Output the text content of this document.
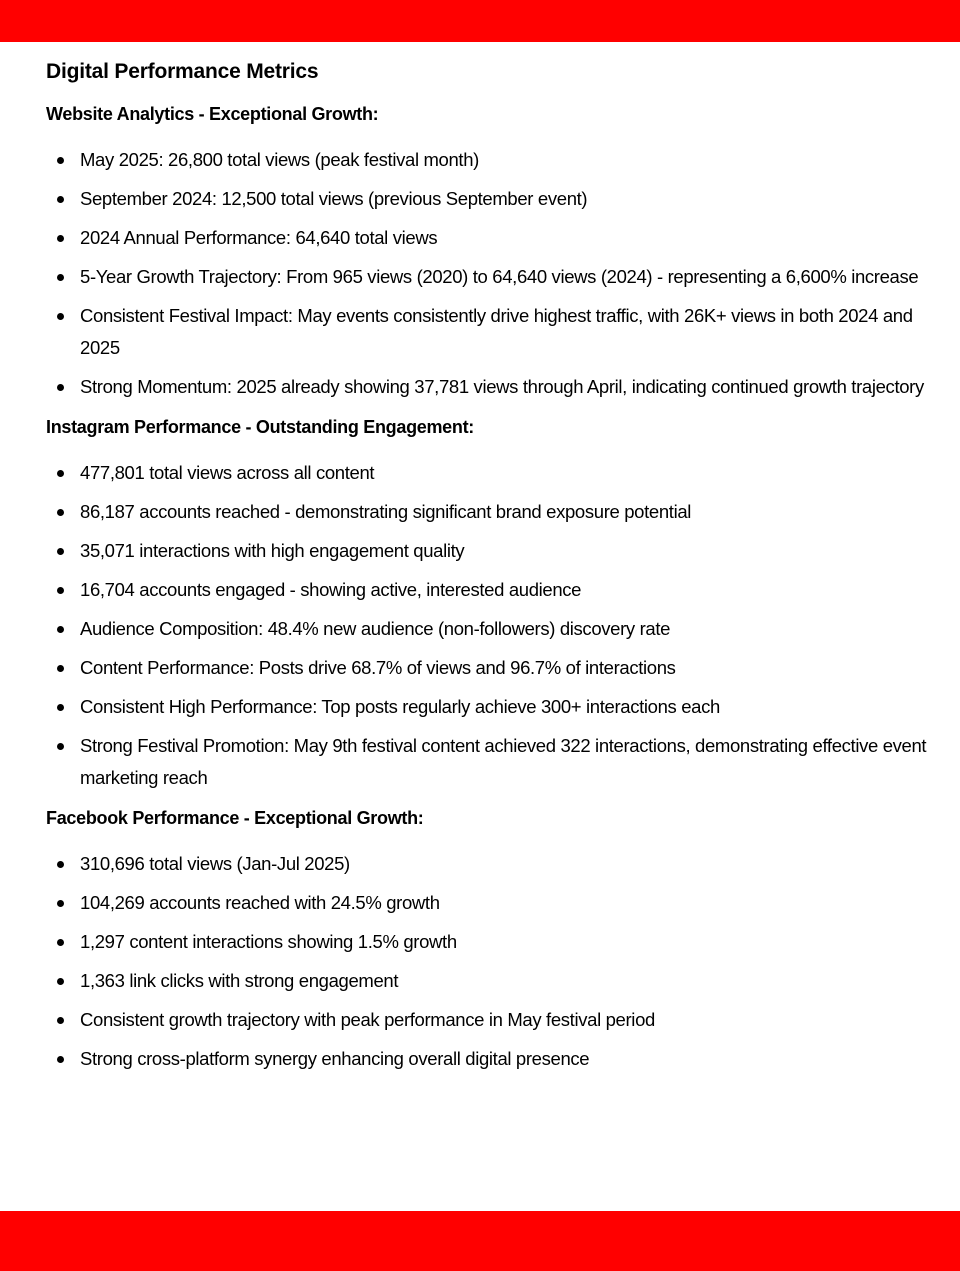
Digital Performance Metrics
Website Analytics - Exceptional Growth:
May 2025: 26,800 total views (peak festival month)
September 2024: 12,500 total views (previous September event)
2024 Annual Performance: 64,640 total views
5-Year Growth Trajectory: From 965 views (2020) to 64,640 views (2024) - representing a 6,600% increase
Consistent Festival Impact: May events consistently drive highest traffic, with 26K+ views in both 2024 and 2025
Strong Momentum: 2025 already showing 37,781 views through April, indicating continued growth trajectory
Instagram Performance - Outstanding Engagement:
477,801 total views across all content
86,187 accounts reached - demonstrating significant brand exposure potential
35,071 interactions with high engagement quality
16,704 accounts engaged - showing active, interested audience
Audience Composition: 48.4% new audience (non-followers) discovery rate
Content Performance: Posts drive 68.7% of views and 96.7% of interactions
Consistent High Performance: Top posts regularly achieve 300+ interactions each
Strong Festival Promotion: May 9th festival content achieved 322 interactions, demonstrating effective event marketing reach
Facebook Performance - Exceptional Growth:
310,696 total views (Jan-Jul 2025)
104,269 accounts reached with 24.5% growth
1,297 content interactions showing 1.5% growth
1,363 link clicks with strong engagement
Consistent growth trajectory with peak performance in May festival period
Strong cross-platform synergy enhancing overall digital presence
